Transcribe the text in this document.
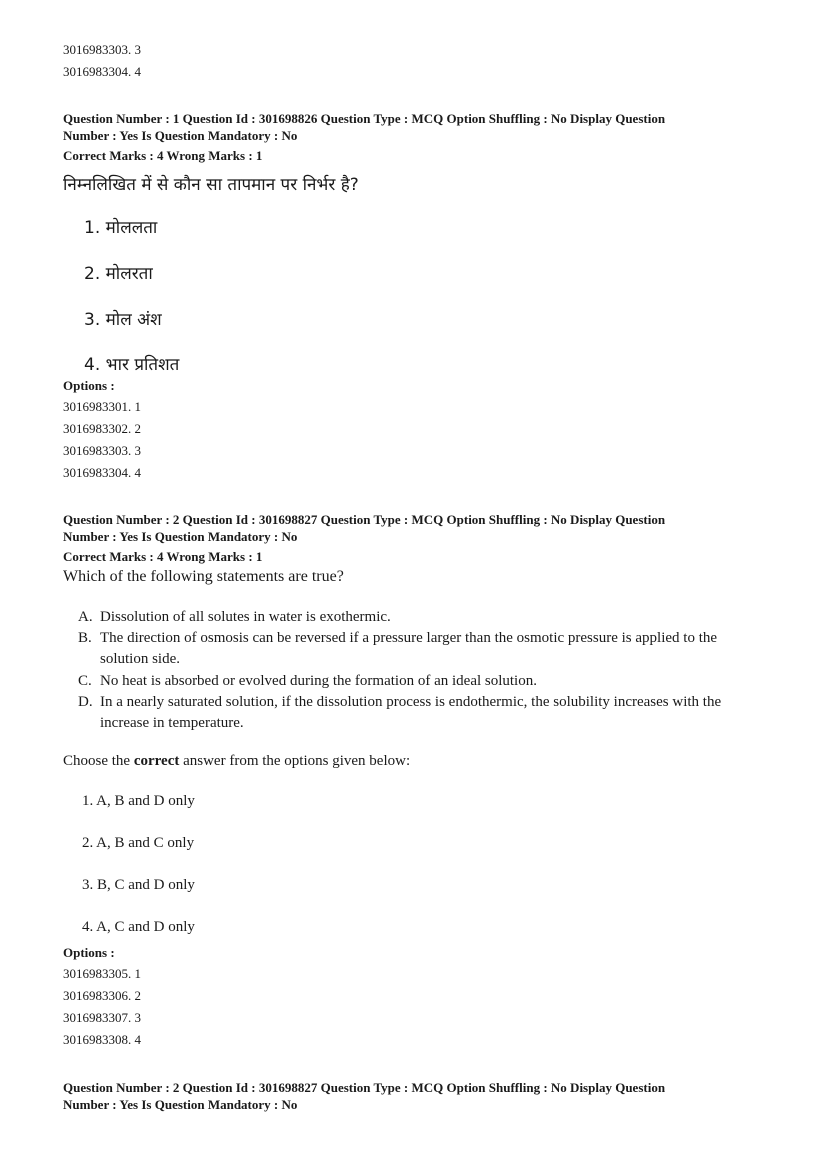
3016983303. 3
3016983304. 4
Question Number : 1 Question Id : 301698826 Question Type : MCQ Option Shuffling : No Display Question
Number : Yes Is Question Mandatory : No
Correct Marks : 4 Wrong Marks : 1
निम्नलिखित में से कौन सा तापमान पर निर्भर है?
1. मोललता
2. मोलरता
3. मोल अंश
4. भार प्रतिशत
Options :
3016983301. 1
3016983302. 2
3016983303. 3
3016983304. 4
Question Number : 2 Question Id : 301698827 Question Type : MCQ Option Shuffling : No Display Question
Number : Yes Is Question Mandatory : No
Correct Marks : 4 Wrong Marks : 1
Which of the following statements are true?
A. Dissolution of all solutes in water is exothermic.
B. The direction of osmosis can be reversed if a pressure larger than the osmotic pressure is applied to the solution side.
C. No heat is absorbed or evolved during the formation of an ideal solution.
D. In a nearly saturated solution, if the dissolution process is endothermic, the solubility increases with the increase in temperature.
Choose the correct answer from the options given below:
1. A, B and D only
2. A, B and C only
3. B, C and D only
4. A, C and D only
Options :
3016983305. 1
3016983306. 2
3016983307. 3
3016983308. 4
Question Number : 2 Question Id : 301698827 Question Type : MCQ Option Shuffling : No Display Question
Number : Yes Is Question Mandatory : No
